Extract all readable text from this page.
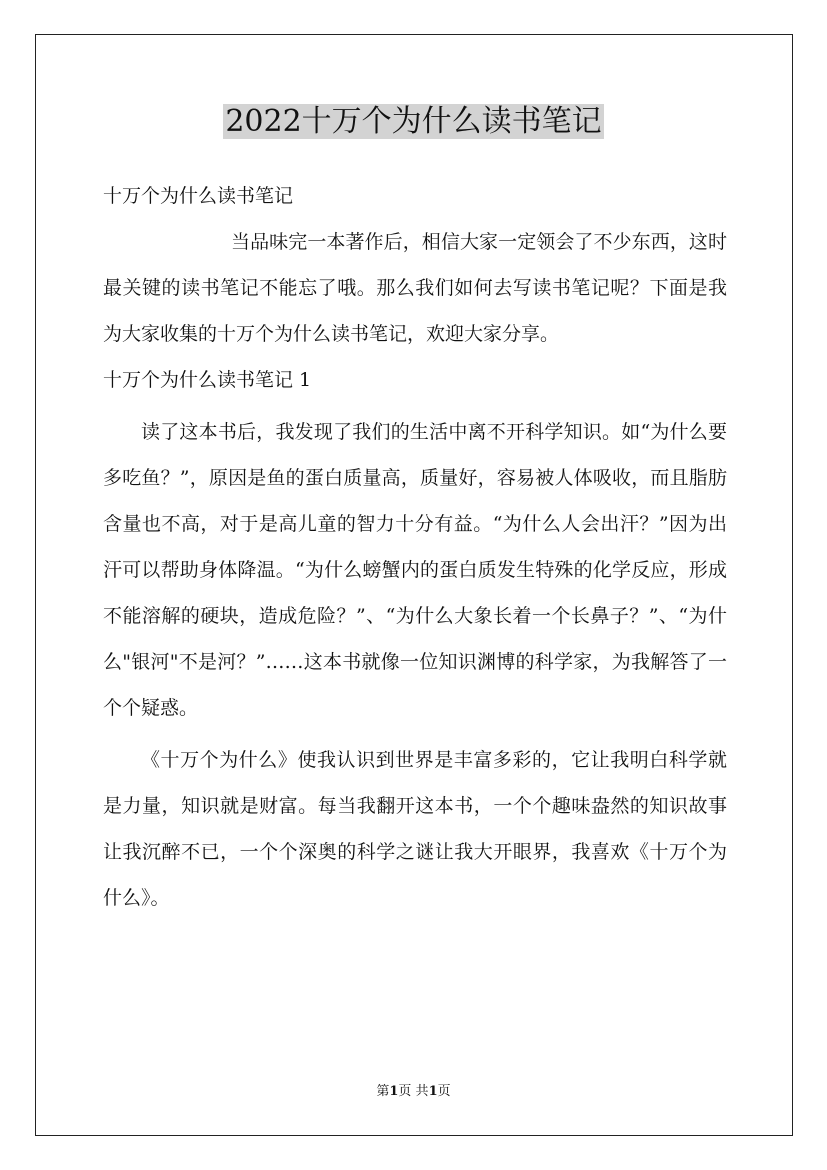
2022十万个为什么读书笔记

十万个为什么读书笔记

当品味完一本著作后，相信大家一定领会了不少东西，这时最关键的读书笔记不能忘了哦。那么我们如何去写读书笔记呢？下面是我为大家收集的十万个为什么读书笔记，欢迎大家分享。

十万个为什么读书笔记 1

读了这本书后，我发现了我们的生活中离不开科学知识。如“为什么要多吃鱼？”，原因是鱼的蛋白质量高，质量好，容易被人体吸收，而且脂肪含量也不高，对于是高儿童的智力十分有益。“为什么人会出汗？”因为出汗可以帮助身体降温。“为什么螃蟹内的蛋白质发生特殊的化学反应，形成不能溶解的硬块，造成危险？”、“为什么大象长着一个长鼻子？”、“为什么"银河"不是河？”……这本书就像一位知识渊博的科学家，为我解答了一个个疑惑。

《十万个为什么》使我认识到世界是丰富多彩的，它让我明白科学就是力量，知识就是财富。每当我翻开这本书，一个个趣味盎然的知识故事让我沉醉不已，一个个深奥的科学之谜让我大开眼界，我喜欢《十万个为什么》。

第1页 共1页
